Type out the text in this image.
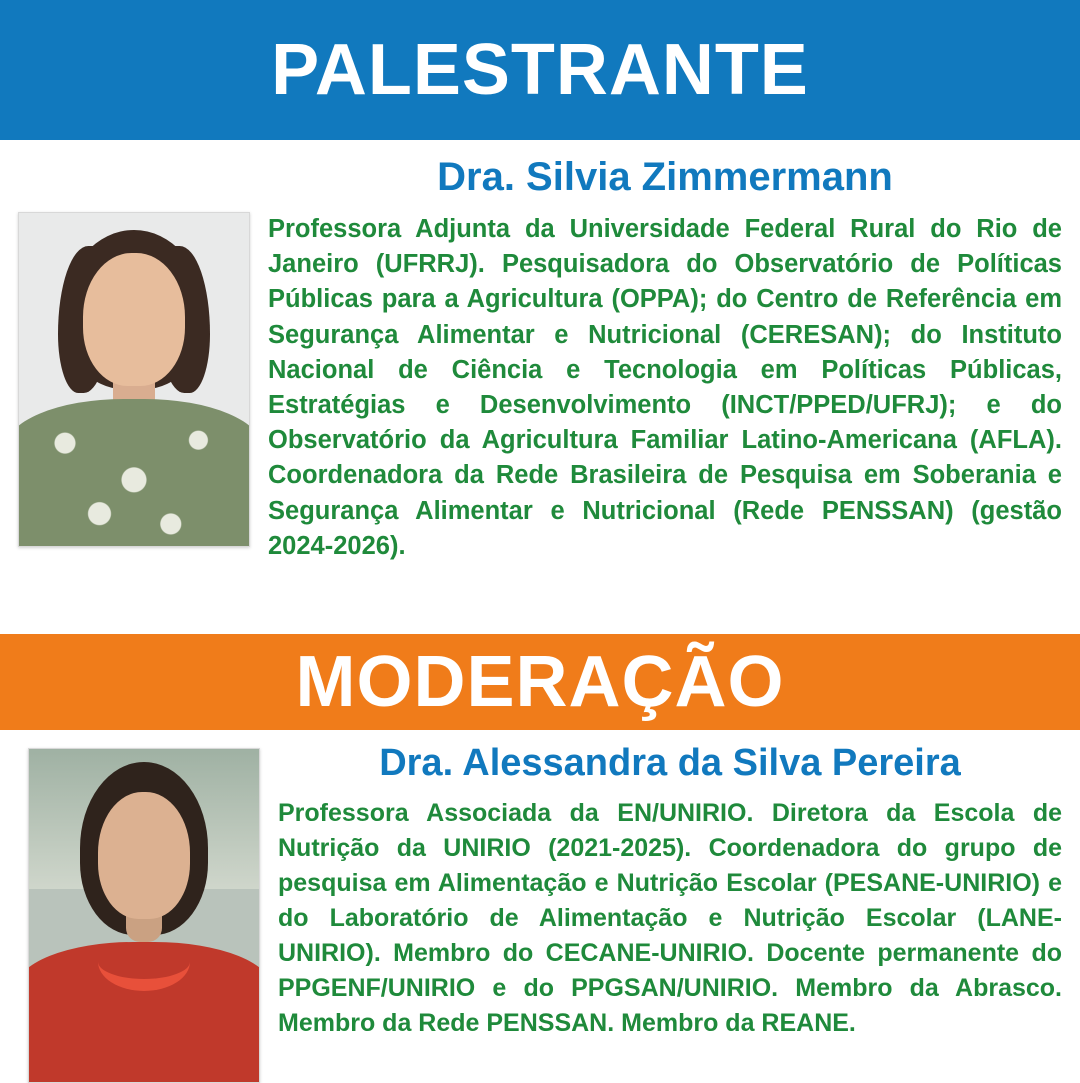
PALESTRANTE
Dra. Silvia Zimmermann

Professora Adjunta da Universidade Federal Rural do Rio de Janeiro (UFRRJ). Pesquisadora do Observatório de Políticas Públicas para a Agricultura (OPPA); do Centro de Referência em Segurança Alimentar e Nutricional (CERESAN); do Instituto Nacional de Ciência e Tecnologia em Políticas Públicas, Estratégias e Desenvolvimento (INCT/PPED/UFRJ); e do Observatório da Agricultura Familiar Latino-Americana (AFLA). Coordenadora da Rede Brasileira de Pesquisa em Soberania e Segurança Alimentar e Nutricional (Rede PENSSAN) (gestão 2024-2026).

MODERAÇÃO
Dra. Alessandra da Silva Pereira

Professora Associada da EN/UNIRIO. Diretora da Escola de Nutrição da UNIRIO (2021-2025). Coordenadora do grupo de pesquisa em Alimentação e Nutrição Escolar (PESANE-UNIRIO) e do Laboratório de Alimentação e Nutrição Escolar (LANE-UNIRIO). Membro do CECANE-UNIRIO. Docente permanente do PPGENF/UNIRIO e do PPGSAN/UNIRIO. Membro da Abrasco. Membro da Rede PENSSAN. Membro da REANE.
